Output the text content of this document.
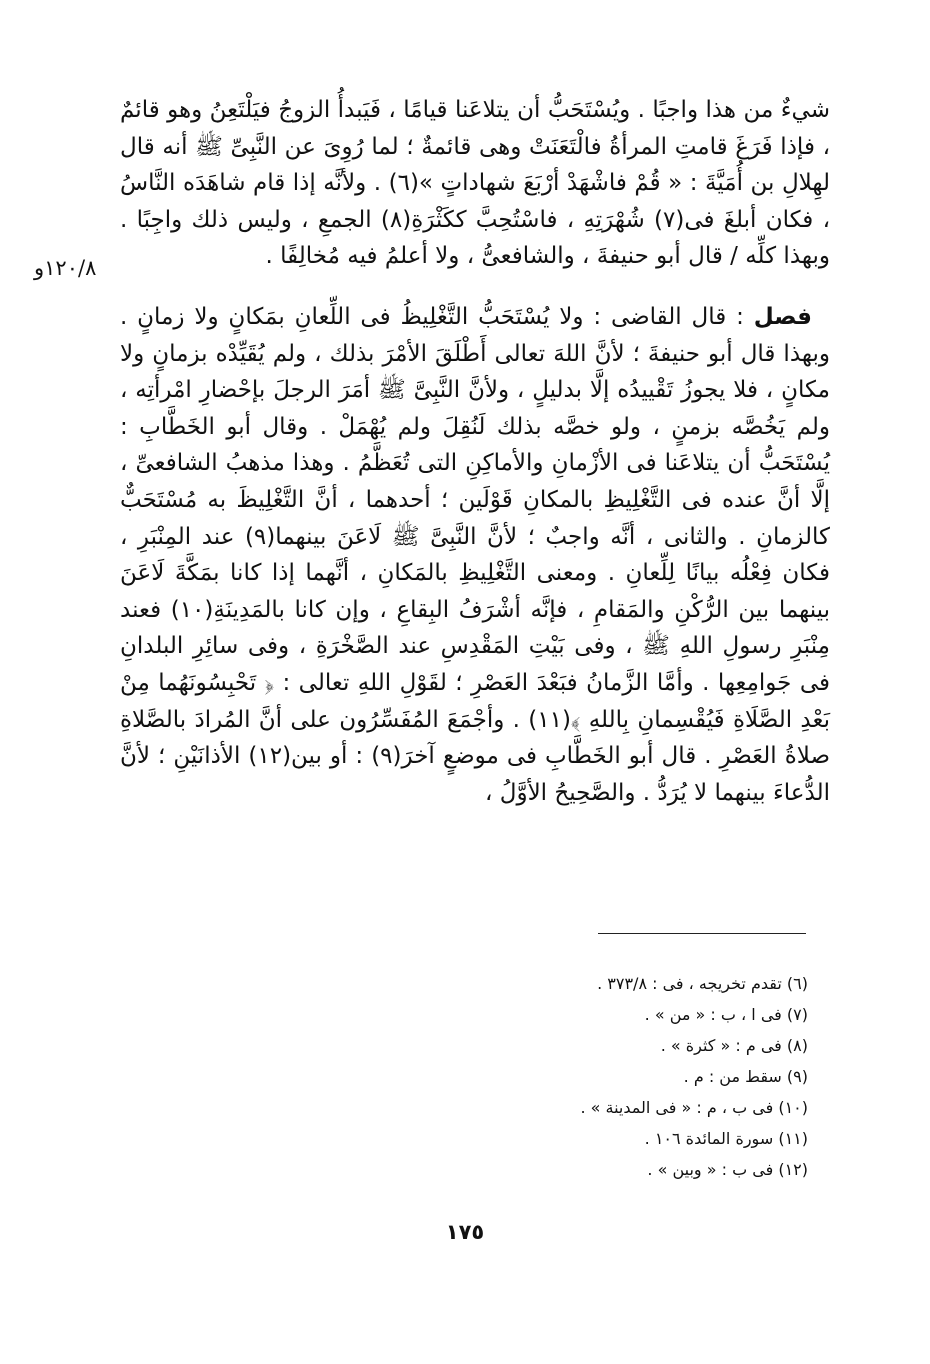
١٢٠/٨و

شيءٌ من هذا واجبًا . ويُسْتَحَبُّ أن يتلاعَنا قيامًا ، فَيَبدأُ الزوجُ فيَلْتَعِنُ وهو قائمٌ ، فإذا فَرَغَ قامتِ المرأةُ فالْتَعَنَتْ وهى قائمةٌ ؛ لما رُوِىَ عن النَّبِىِّ ﷺ أنه قال لهِلالِ بن أُمَيَّةَ : « قُمْ فاشْهَدْ أرْبَعَ شهاداتٍ »(٦) . ولأنَّه إذا قام شاهَدَه النَّاسُ ، فكان أبلغَ فى(٧) شُهْرَتِهِ ، فاسْتُحِبَّ ككَثْرَةِ(٨) الجمعِ ، وليس ذلك واجِبًا . وبهذا كلِّه / قال أبو حنيفةَ ، والشافعىُّ ، ولا أعلمُ فيه مُخالِفًا .

فصل : قال القاضى : ولا يُسْتَحَبُّ التَّغْلِيظُ فى اللِّعانِ بمَكانٍ ولا زمانٍ . وبهذا قال أبو حنيفةَ ؛ لأنَّ اللهَ تعالى أَطْلَقَ الأمْرَ بذلك ، ولم يُقَيِّدْه بزمانٍ ولا مكانٍ ، فلا يجوزُ تَقْييدُه إلَّا بدليلٍ ، ولأنَّ النَّبِىَّ ﷺ أمَرَ الرجلَ بإحْضارِ امْرأتِه ، ولم يَخُصَّه بزمنٍ ، ولو خصَّه بذلك لَنُقِلَ ولم يُهْمَلْ . وقال أبو الخَطَّابِ : يُسْتَحَبُّ أن يتلاعَنا فى الأزْمانِ والأماكِنِ التى تُعَظَّمُ . وهذا مذهبُ الشافعىِّ ، إلَّا أنَّ عنده فى التَّغْلِيظِ بالمكانِ قَوْلَين ؛ أحدهما ، أنَّ التَّغْلِيظَ به مُسْتَحَبٌّ كالزمانِ . والثانى ، أنَّه واجبٌ ؛ لأنَّ النَّبِىَّ ﷺ لَاعَنَ بينهما(٩) عند المِنْبَرِ ، فكان فِعْلُه بيانًا لِلِّعانِ . ومعنى التَّغْلِيظِ بالمَكانِ ، أنَّهما إذا كانا بمَكَّةَ لَاعَنَ بينهما بين الرُّكْنِ والمَقامِ ، فإنَّه أشْرَفُ البِقاعِ ، وإن كانا بالمَدِينَةِ(١٠) فعند مِنْبَرِ رسولِ اللهِ ﷺ ، وفى بَيْتِ المَقْدِسِ عند الصَّخْرَةِ ، وفى سائِرِ البلدانِ فى جَوامِعِها . وأمَّا الزَّمانُ فبَعْدَ العَصْرِ ؛ لقَوْلِ اللهِ تعالى : ﴿ تَحْبِسُونَهُما مِنْ بَعْدِ الصَّلَاةِ فَيُقْسِمانِ بِاللهِ ﴾(١١) . وأجْمَعَ المُفَسِّرُون على أنَّ المُرادَ بالصَّلاةِ صلاةُ العَصْرِ . قال أبو الخَطَّابِ فى موضعٍ آخرَ(٩) : أو بين(١٢) الأذانَيْنِ ؛ لأنَّ الدُّعاءَ بينهما لا يُرَدُّ . والصَّحِيحُ الأوَّلُ ،

(٦) تقدم تخريجه ، فى : ٣٧٣/٨ .
(٧) فى ا ، ب : « من » .
(٨) فى م : « كثرة » .
(٩) سقط من : م .
(١٠) فى ب ، م : « فى المدينة » .
(١١) سورة المائدة ١٠٦ .
(١٢) فى ب : « وبين » .
١٧٥
